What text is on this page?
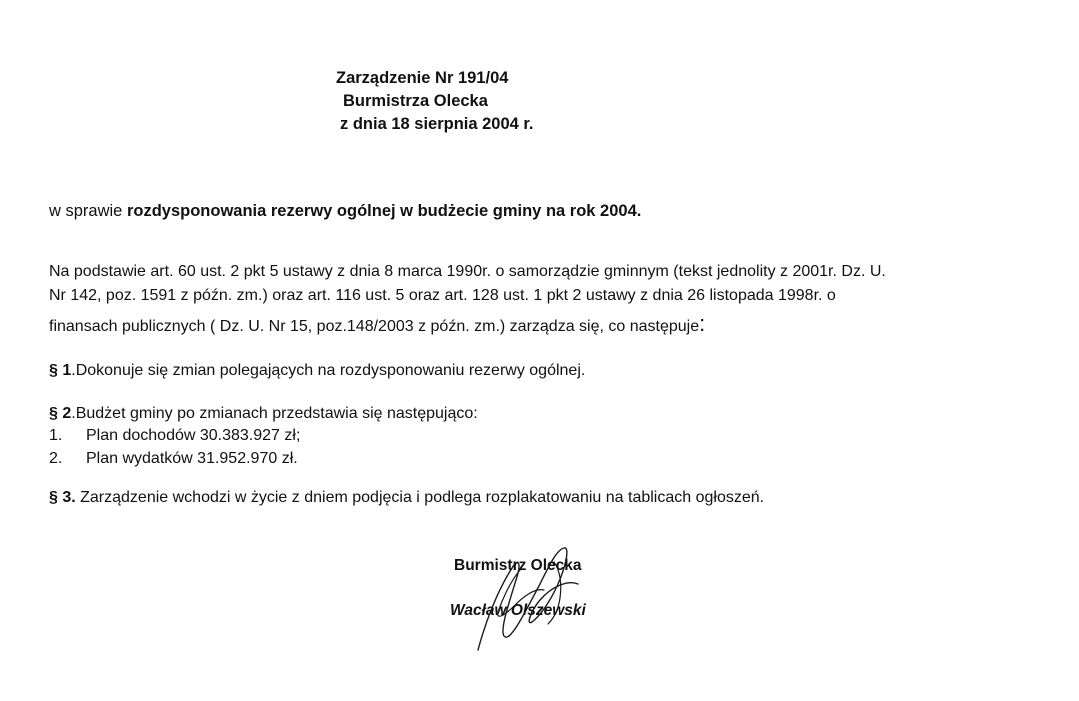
Zarządzenie Nr 191/04
Burmistrza Olecka
z dnia 18 sierpnia 2004 r.
w sprawie rozdysponowania rezerwy ogólnej w budżecie gminy na rok 2004.
Na podstawie art. 60 ust. 2 pkt 5 ustawy z dnia 8 marca 1990r. o samorządzie gminnym (tekst jednolity z 2001r. Dz. U.
Nr 142, poz. 1591 z późn. zm.) oraz art. 116 ust. 5 oraz art. 128 ust. 1 pkt 2 ustawy z dnia 26 listopada 1998r. o
finansach publicznych ( Dz. U. Nr 15, poz.148/2003 z późn. zm.) zarządza się, co następuje:
§ 1.Dokonuje się zmian polegających na rozdysponowaniu rezerwy ogólnej.
§ 2.Budżet gminy po zmianach przedstawia się następująco:
1. Plan dochodów 30.383.927 zł;
2. Plan wydatków 31.952.970 zł.
§ 3. Zarządzenie wchodzi w życie z dniem podjęcia i podlega rozplakatowaniu na tablicach ogłoszeń.
Burmistrz Olecka
Wacław Olszewski
